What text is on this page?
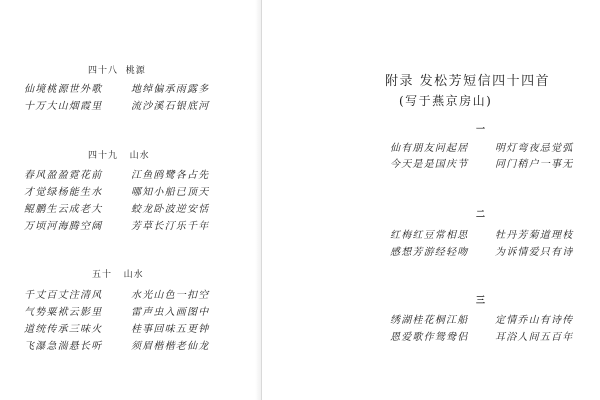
四十八 桃源
仙境桃源世外歌	地绰偏承雨露多
十万大山烟霞里	流沙溪石银底河
四十九 山水
春风盈盈霓花前	江鱼鸥鹭各占先
才觉绿杨能生水	哪知小船已顶天
鲲鹏生云成老大	蛟龙卧波逆安恬
万顷河海腾空阔	芳草长汀乐千年
五十 山水
千丈百丈注清风	水光山色一扣空
气势粟袱云影里	雷声虫入画图中
道统传承三味火	桂事回味五更钟
飞瀑急湍悬长听	须眉楷楷老仙龙
附录 发松芳短信四十四首
(写于燕京房山)
一
仙有朋友问起居	明灯弯夜忌觉弧
今天是是国庆节	同门稍户一事无
二
红梅红豆常相思	牡丹芳菊道理枝
感想芳游经轻吻	为诉情爱只有诗
三
绣湖桂花桐江船	定情乔山有诗传
恩爱歌作鸳鸯侣	耳浴人间五百年
